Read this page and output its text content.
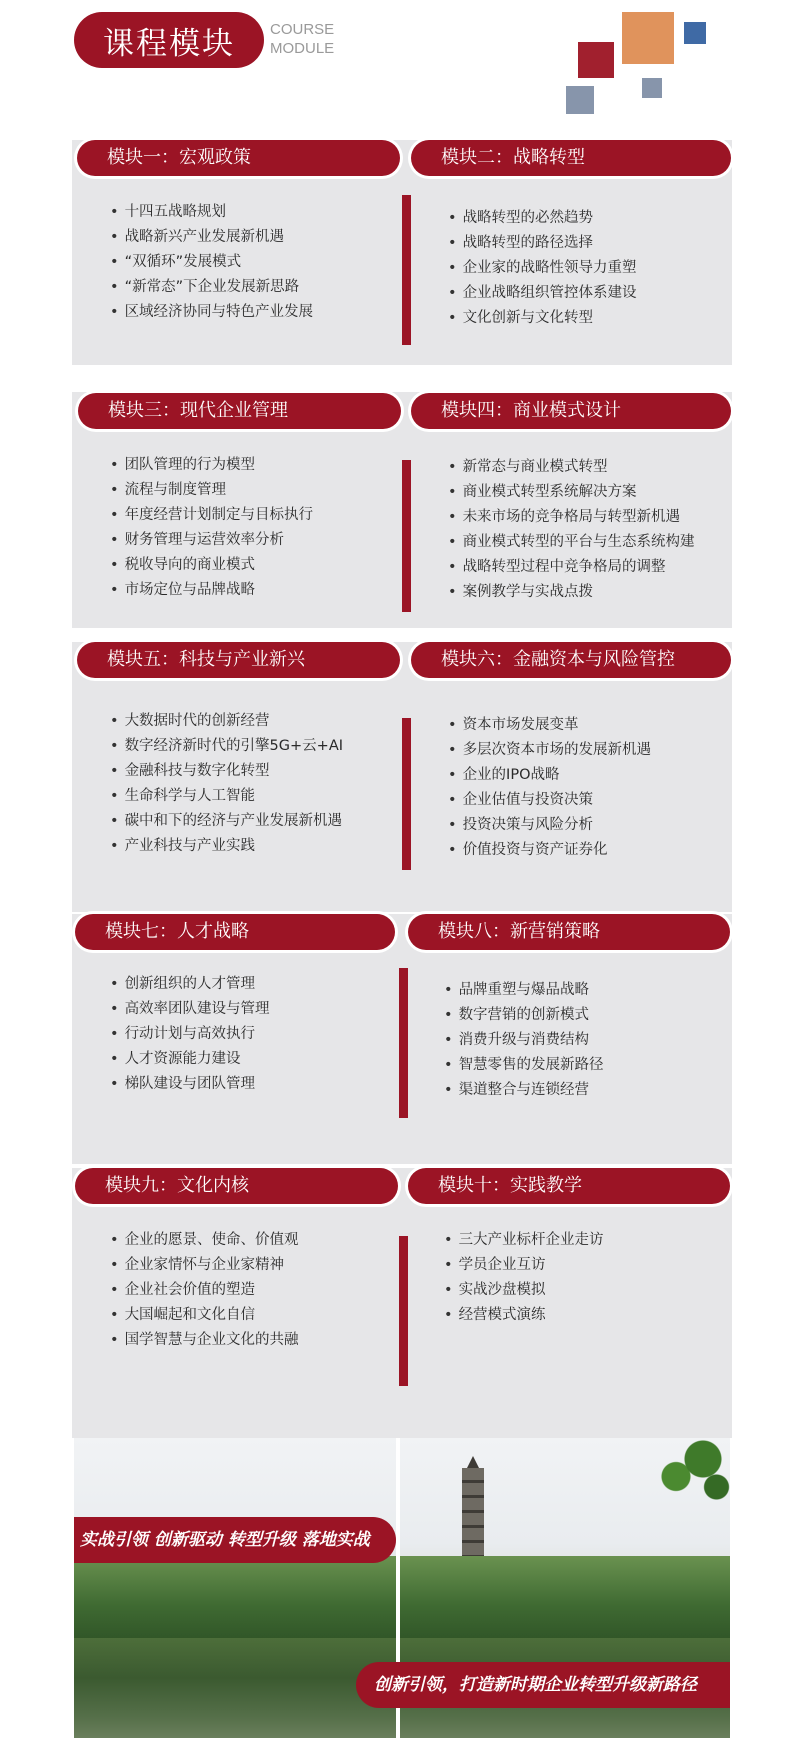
课程模块	COURSE
MODULE
模块一：宏观政策	模块二：战略转型
• 十四五战略规划
• 战略新兴产业发展新机遇
• “双循环”发展模式
• “新常态”下企业发展新思路
• 区域经济协同与特色产业发展
• 战略转型的必然趋势
• 战略转型的路径选择
• 企业家的战略性领导力重塑
• 企业战略组织管控体系建设
• 文化创新与文化转型
模块三：现代企业管理	模块四：商业模式设计
• 团队管理的行为模型
• 流程与制度管理
• 年度经营计划制定与目标执行
• 财务管理与运营效率分析
• 税收导向的商业模式
• 市场定位与品牌战略
• 新常态与商业模式转型
• 商业模式转型系统解决方案
• 未来市场的竞争格局与转型新机遇
• 商业模式转型的平台与生态系统构建
• 战略转型过程中竞争格局的调整
• 案例教学与实战点拨
模块五：科技与产业新兴	模块六：金融资本与风险管控
• 大数据时代的创新经营
• 数字经济新时代的引擎5G+云+AI
• 金融科技与数字化转型
• 生命科学与人工智能
• 碳中和下的经济与产业发展新机遇
• 产业科技与产业实践
• 资本市场发展变革
• 多层次资本市场的发展新机遇
• 企业的IPO战略
• 企业估值与投资决策
• 投资决策与风险分析
• 价值投资与资产证券化
模块七：人才战略	模块八：新营销策略
• 创新组织的人才管理
• 高效率团队建设与管理
• 行动计划与高效执行
• 人才资源能力建设
• 梯队建设与团队管理
• 品牌重塑与爆品战略
• 数字营销的创新模式
• 消费升级与消费结构
• 智慧零售的发展新路径
• 渠道整合与连锁经营
模块九：文化内核	模块十：实践教学
• 企业的愿景、使命、价值观
• 企业家情怀与企业家精神
• 企业社会价值的塑造
• 大国崛起和文化自信
• 国学智慧与企业文化的共融
• 三大产业标杆企业走访
• 学员企业互访
• 实战沙盘模拟
• 经营模式演练
实战引领 创新驱动 转型升级 落地实战
创新引领，打造新时期企业转型升级新路径
